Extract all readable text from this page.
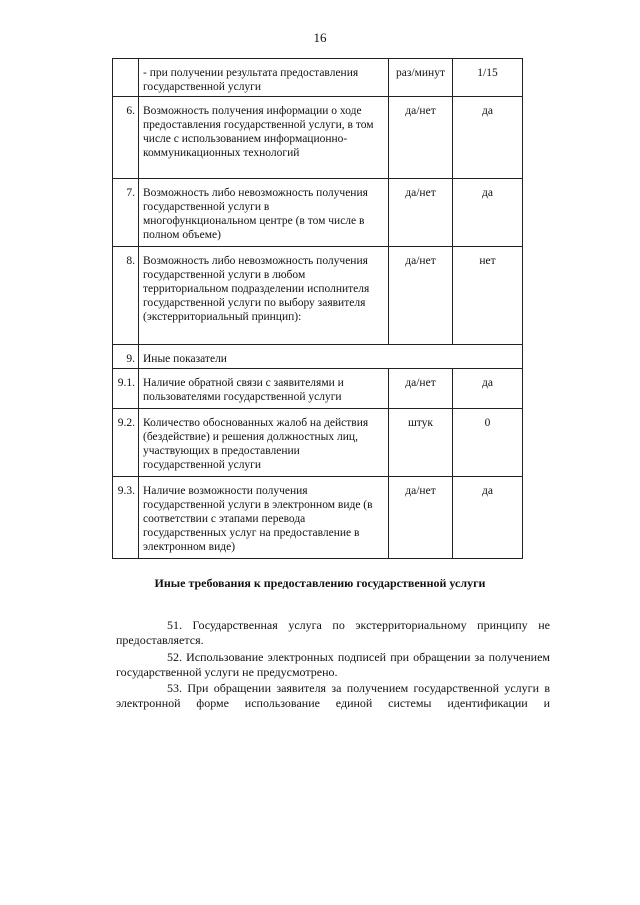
16
	- при получении результата предоставления государственной услуги	раз/минут	1/15
6.	Возможность получения информации о ходе предоставления государственной услуги, в том числе с использованием информационно-коммуникационных технологий	да/нет	да
7.	Возможность либо невозможность получения государственной услуги в многофункциональном центре (в том числе в полном объеме)	да/нет	да
8.	Возможность либо невозможность получения государственной услуги в любом территориальном подразделении исполнителя государственной услуги по выбору заявителя (экстерриториальный принцип):	да/нет	нет
9.	Иные показатели		
9.1.	Наличие обратной связи с заявителями и пользователями государственной услуги	да/нет	да
9.2.	Количество обоснованных жалоб на действия (бездействие) и решения должностных лиц, участвующих в предоставлении государственной услуги	штук	0
9.3.	Наличие возможности получения государственной услуги в электронном виде (в соответствии с этапами перевода государственных услуг на предоставление в электронном виде)	да/нет	да
Иные требования к предоставлению государственной услуги

51. Государственная услуга по экстерриториальному принципу не предоставляется.

52. Использование электронных подписей при обращении за получением государственной услуги не предусмотрено.

53. При обращении заявителя за получением государственной услуги в электронной форме использование единой системы идентификации и
